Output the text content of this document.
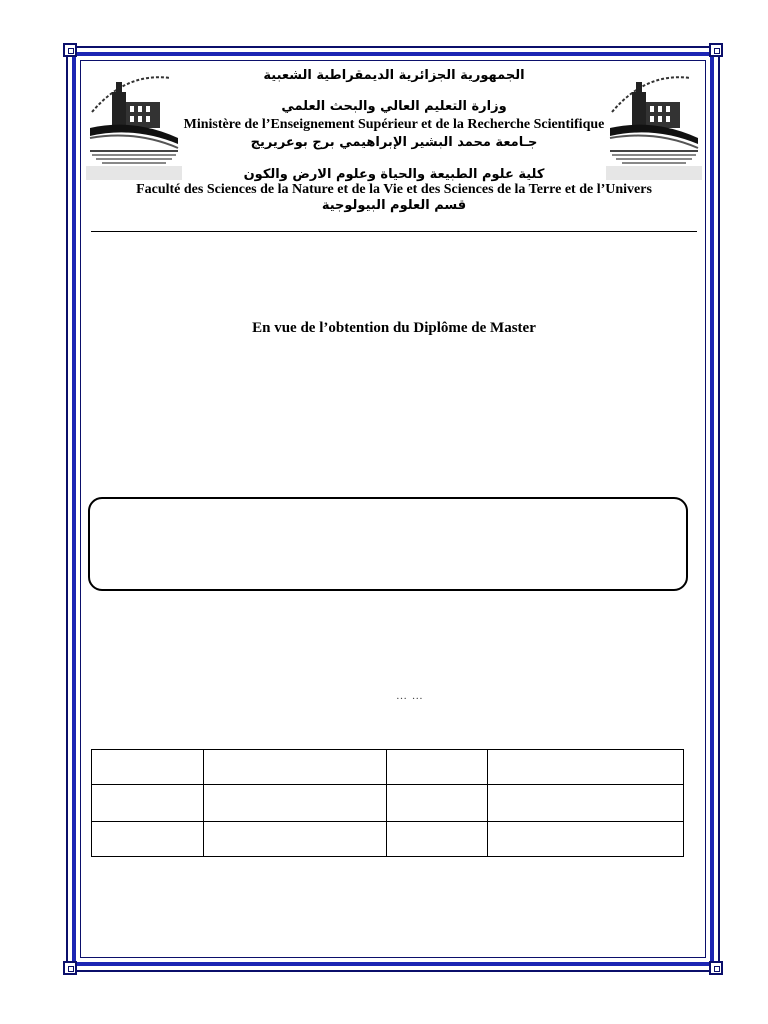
الجمهورية الجزائرية الديمقراطية الشعبية

وزارة التعليم العالي والبحث العلمي

Ministère de l’Enseignement Supérieur et de la Recherche Scientifique

جـامعة محمد البشير الإبراهيمي برج بوعريريج

كلية علوم الطبيعة والحياة وعلوم الارض والكون

Faculté des Sciences de la Nature et de la Vie et des Sciences de la Terre et de l’Univers
قسم العلوم البيولوجية
En vue de l’obtention du Diplôme de Master
… …
